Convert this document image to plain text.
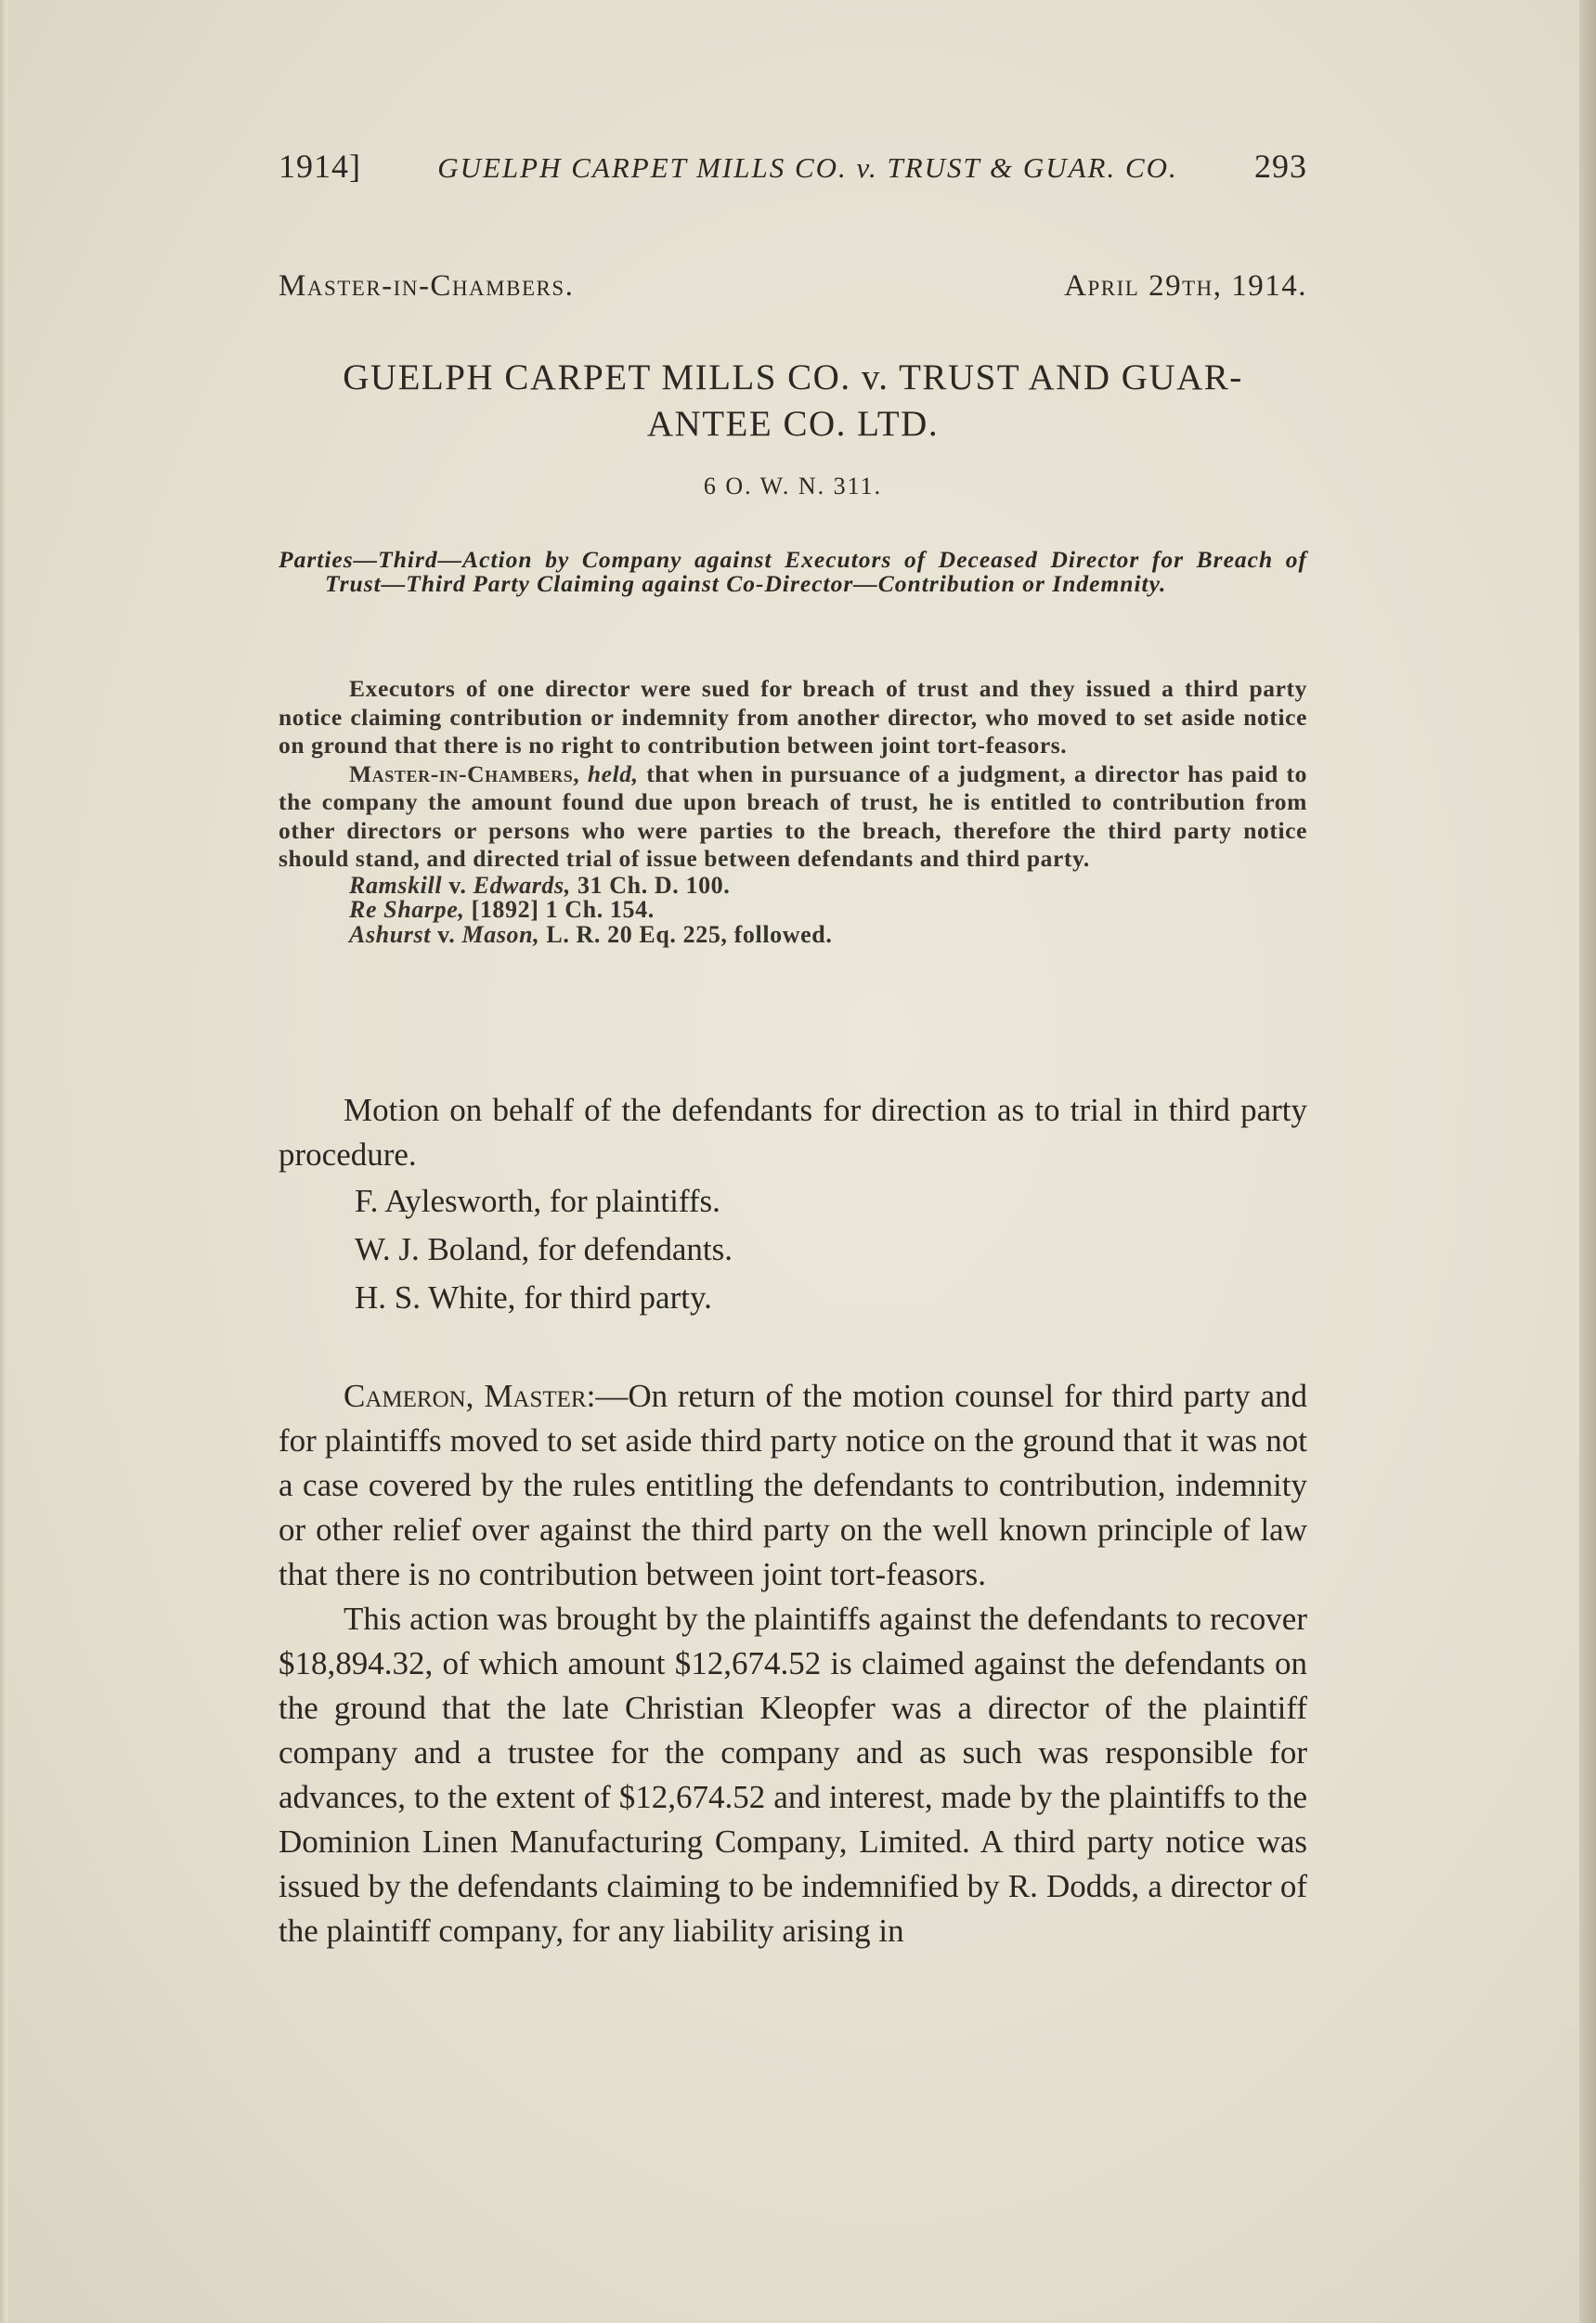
1914]	GUELPH CARPET MILLS CO. v. TRUST & GUAR. CO. 293
Master-in-Chambers.	April 29th, 1914.
GUELPH CARPET MILLS CO. v. TRUST AND GUAR-
ANTEE CO. LTD.
6 O. W. N. 311.
Parties—Third—Action by Company against Executors of Deceased Director for Breach of Trust—Third Party Claiming against Co-Director—Contribution or Indemnity.

Executors of one director were sued for breach of trust and they issued a third party notice claiming contribution or indemnity from another director, who moved to set aside notice on ground that there is no right to contribution between joint tort-feasors.

Master-in-Chambers, held, that when in pursuance of a judgment, a director has paid to the company the amount found due upon breach of trust, he is entitled to contribution from other directors or persons who were parties to the breach, therefore the third party notice should stand, and directed trial of issue between defendants and third party.

Ramskill v. Edwards, 31 Ch. D. 100.
Re Sharpe, [1892] 1 Ch. 154.
Ashurst v. Mason, L. R. 20 Eq. 225, followed.

Motion on behalf of the defendants for direction as to trial in third party procedure.

F. Aylesworth, for plaintiffs.

W. J. Boland, for defendants.

H. S. White, for third party.

Cameron, Master:—On return of the motion counsel for third party and for plaintiffs moved to set aside third party notice on the ground that it was not a case covered by the rules entitling the defendants to contribution, indemnity or other relief over against the third party on the well known principle of law that there is no contribution between joint tort-feasors.

This action was brought by the plaintiffs against the defendants to recover $18,894.32, of which amount $12,674.52 is claimed against the defendants on the ground that the late Christian Kleopfer was a director of the plaintiff company and a trustee for the company and as such was responsible for advances, to the extent of $12,674.52 and interest, made by the plaintiffs to the Dominion Linen Manufacturing Company, Limited. A third party notice was issued by the defendants claiming to be indemnified by R. Dodds, a director of the plaintiff company, for any liability arising in
